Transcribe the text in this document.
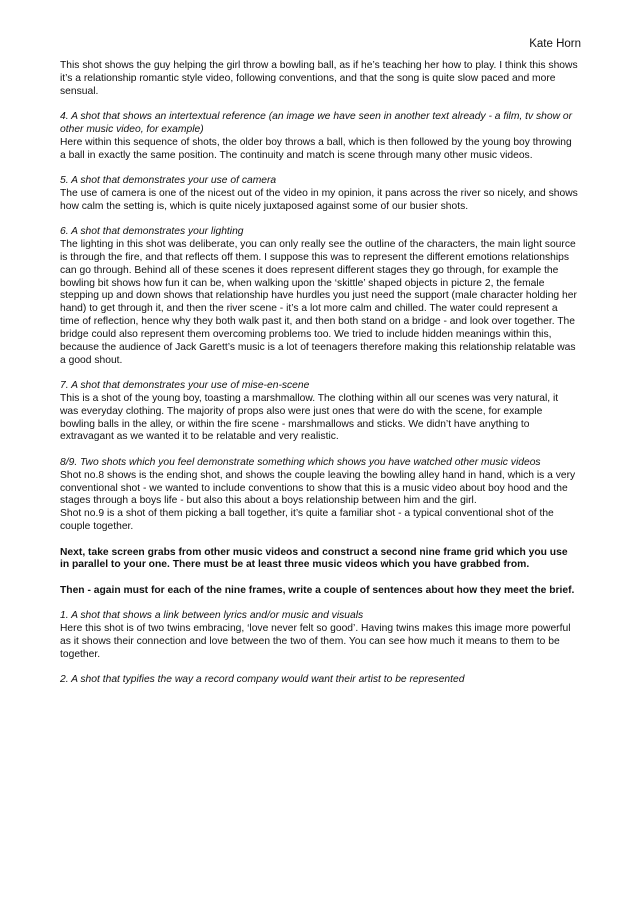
Kate Horn
This shot shows the guy helping the girl throw a bowling ball, as if he’s teaching her how to play. I think this shows it’s a relationship romantic style video, following conventions, and that the song is quite slow paced and more sensual.
4. A shot that shows an intertextual reference (an image we have seen in another text already - a film, tv show or other music video, for example)
Here within this sequence of shots, the older boy throws a ball, which is then followed by the young boy throwing a ball in exactly the same position. The continuity and match is scene through many other music videos.
5. A shot that demonstrates your use of camera
The use of camera is one of the nicest out of the video in my opinion, it pans across the river so nicely, and shows how calm the setting is, which is quite nicely juxtaposed against some of our busier shots.
6. A shot that demonstrates your lighting
The lighting in this shot was deliberate, you can only really see the outline of the characters, the main light source is through the fire, and that reflects off them. I suppose this was to represent the different emotions relationships can go through. Behind all of these scenes it does represent different stages they go through, for example the bowling bit shows how fun it can be, when walking upon the ‘skittle’ shaped objects in picture 2, the female stepping up and down shows that relationship have hurdles you just need the support (male character holding her hand) to get through it, and then the river scene - it’s a lot more calm and chilled. The water could represent a time of reflection, hence why they both walk past it, and then both stand on a bridge - and look over together. The bridge could also represent them overcoming problems too. We tried to include hidden meanings within this, because the audience of Jack Garett’s music is a lot of teenagers therefore making this relationship relatable was a good shout.
7. A shot that demonstrates your use of mise-en-scene
This is a shot of the young boy, toasting a marshmallow. The clothing within all our scenes was very natural, it was everyday clothing. The majority of props also were just ones that were do with the scene, for example bowling balls in the alley, or within the fire scene - marshmallows and sticks. We didn’t have anything to extravagant as we wanted it to be relatable and very realistic.
8/9. Two shots which you feel demonstrate something which shows you have watched other music videos
Shot no.8 shows is the ending shot, and shows the couple leaving the bowling alley hand in hand, which is a very conventional shot - we wanted to include conventions to show that this is a music video about boy hood and the stages through a boys life - but also this about a boys relationship between him and the girl.
Shot no.9 is a shot of them picking a ball together, it’s quite a familiar shot - a typical conventional shot of the couple together.
Next, take screen grabs from other music videos and construct a second nine frame grid which you use in parallel to your one. There must be at least three music videos which you have grabbed from.
Then - again must for each of the nine frames, write a couple of sentences about how they meet the brief.
1. A shot that shows a link between lyrics and/or music and visuals
Here this shot is of two twins embracing, ‘love never felt so good’. Having twins makes this image more powerful as it shows their connection and love between the two of them. You can see how much it means to them to be together.
2. A shot that typifies the way a record company would want their artist to be represented
